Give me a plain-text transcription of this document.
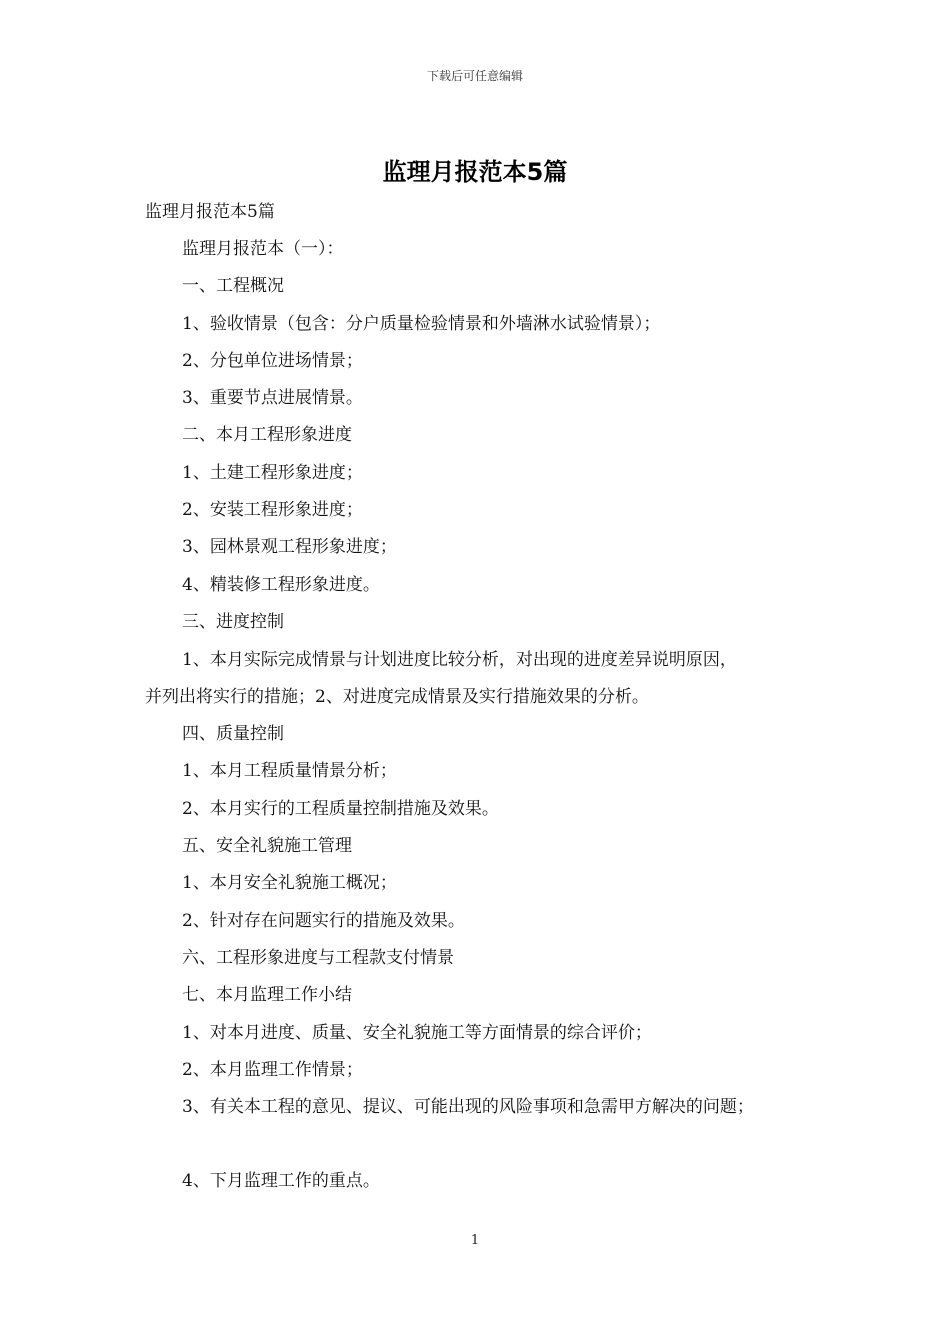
下载后可任意编辑
监理月报范本5篇
监理月报范本5篇
监理月报范本（一）：
一、工程概况
1、验收情景（包含：分户质量检验情景和外墙淋水试验情景）；
2、分包单位进场情景；
3、重要节点进展情景。
二、本月工程形象进度
1、土建工程形象进度；
2、安装工程形象进度；
3、园林景观工程形象进度；
4、精装修工程形象进度。
三、进度控制
1、本月实际完成情景与计划进度比较分析，对出现的进度差异说明原因，
并列出将实行的措施；2、对进度完成情景及实行措施效果的分析。
四、质量控制
1、本月工程质量情景分析；
2、本月实行的工程质量控制措施及效果。
五、安全礼貌施工管理
1、本月安全礼貌施工概况；
2、针对存在问题实行的措施及效果。
六、工程形象进度与工程款支付情景
七、本月监理工作小结
1、对本月进度、质量、安全礼貌施工等方面情景的综合评价；
2、本月监理工作情景；
3、有关本工程的意见、提议、可能出现的风险事项和急需甲方解决的问题；
4、下月监理工作的重点。
1
